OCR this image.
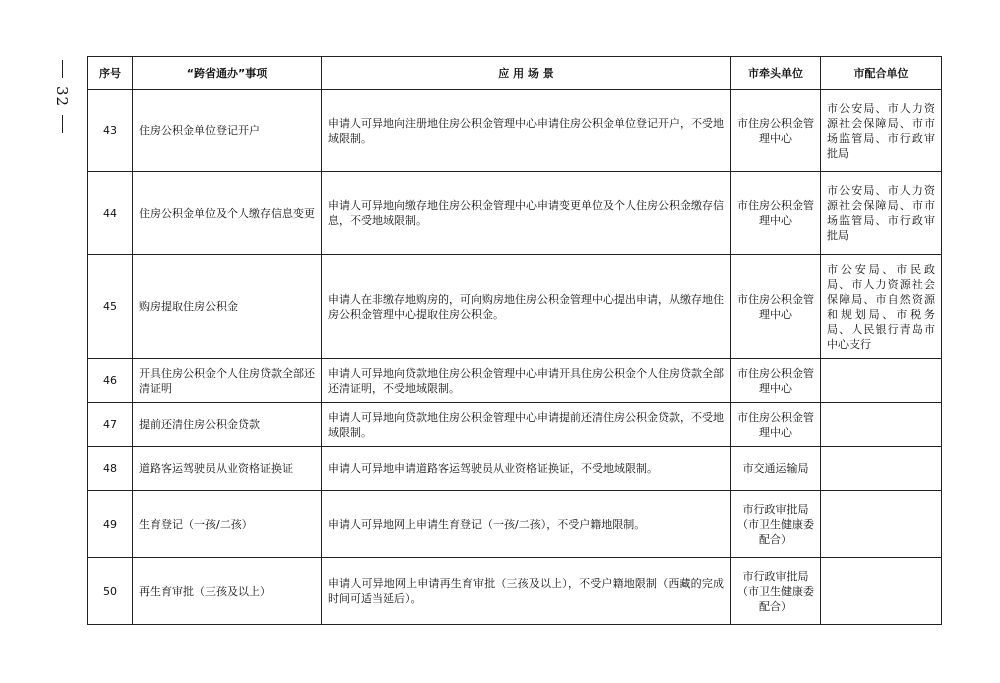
32
序号	“跨省通办”事项	应 用 场 景	市牵头单位	市配合单位
43	住房公积金单位登记开户	申请人可异地向注册地住房公积金管理中心申请住房公积金单位登记开户，不受地域限制。	市住房公积金管理中心	市公安局、市人力资源社会保障局、市市场监管局、市行政审批局
44	住房公积金单位及个人缴存信息变更	申请人可异地向缴存地住房公积金管理中心申请变更单位及个人住房公积金缴存信息，不受地域限制。	市住房公积金管理中心	市公安局、市人力资源社会保障局、市市场监管局、市行政审批局
45	购房提取住房公积金	申请人在非缴存地购房的，可向购房地住房公积金管理中心提出申请，从缴存地住房公积金管理中心提取住房公积金。	市住房公积金管理中心	市公安局、市民政局、市人力资源社会保障局、市自然资源和规划局、市税务局、人民银行青岛市中心支行
46	开具住房公积金个人住房贷款全部还清证明	申请人可异地向贷款地住房公积金管理中心申请开具住房公积金个人住房贷款全部还清证明，不受地域限制。	市住房公积金管理中心	
47	提前还清住房公积金贷款	申请人可异地向贷款地住房公积金管理中心申请提前还清住房公积金贷款，不受地域限制。	市住房公积金管理中心	
48	道路客运驾驶员从业资格证换证	申请人可异地申请道路客运驾驶员从业资格证换证，不受地域限制。	市交通运输局	
49	生育登记（一孩/二孩）	申请人可异地网上申请生育登记（一孩/二孩），不受户籍地限制。	市行政审批局（市卫生健康委配合）	
50	再生育审批（三孩及以上）	申请人可异地网上申请再生育审批（三孩及以上），不受户籍地限制（西藏的完成时间可适当延后）。	市行政审批局（市卫生健康委配合）	
